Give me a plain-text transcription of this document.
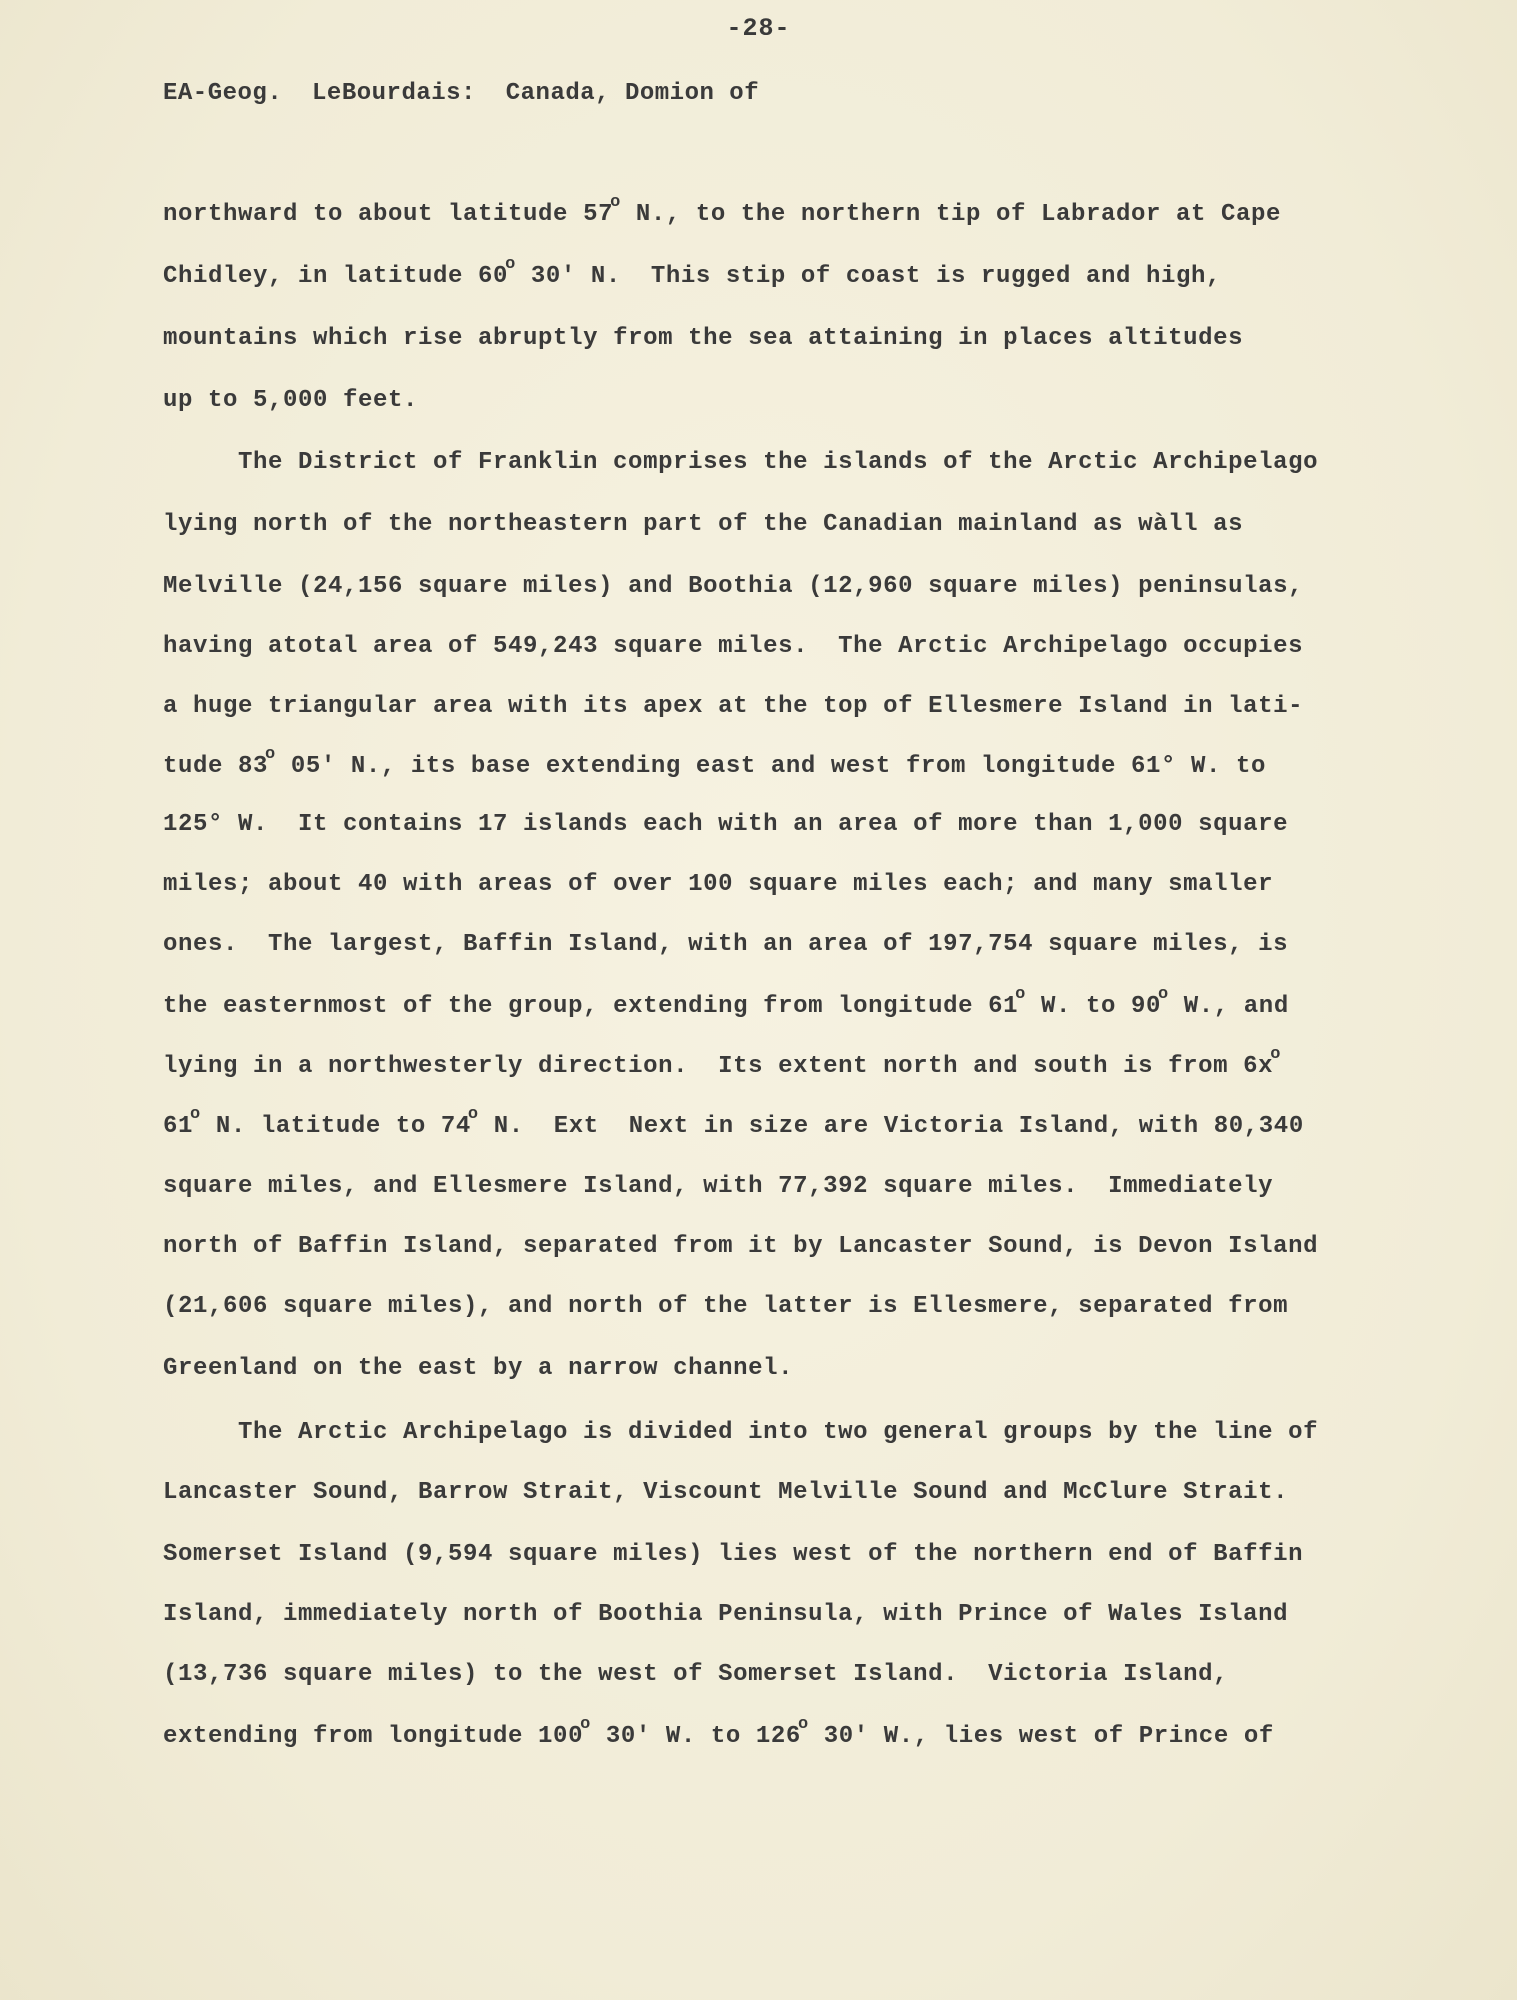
-28-
EA-Geog.  LeBourdais:  Canada, Domion of
northward to about latitude 57$^o$ N., to the northern tip of Labrador at Cape
Chidley, in latitude 60$^o$ 30' N.  This stip of coast is rugged and high,
mountains which rise abruptly from the sea attaining in places altitudes
up to 5,000 feet.
The District of Franklin comprises the islands of the Arctic Archipelago
lying north of the northeastern part of the Canadian mainland as wàll as
Melville (24,156 square miles) and Boothia (12,960 square miles) peninsulas,
having atotal area of 549,243 square miles.  The Arctic Archipelago occupies
a huge triangular area with its apex at the top of Ellesmere Island in lati-
tude 83$^o$ 05' N., its base extending east and west from longitude 61° W. to
125° W.  It contains 17 islands each with an area of more than 1,000 square
miles; about 40 with areas of over 100 square miles each; and many smaller
ones.  The largest, Baffin Island, with an area of 197,754 square miles, is
the easternmost of the group, extending from longitude 61$^o$ W. to 90$^o$ W., and
lying in a northwesterly direction.  Its extent north and south is from $6x^o$
61$^o$ N. latitude to 74$^o$ N.  Ext  Next in size are Victoria Island, with 80,340
square miles, and Ellesmere Island, with 77,392 square miles.  Immediately
north of Baffin Island, separated from it by Lancaster Sound, is Devon Island
(21,606 square miles), and north of the latter is Ellesmere, separated from
Greenland on the east by a narrow channel.
The Arctic Archipelago is divided into two general groups by the line of
Lancaster Sound, Barrow Strait, Viscount Melville Sound and McClure Strait.
Somerset Island (9,594 square miles) lies west of the northern end of Baffin
Island, immediately north of Boothia Peninsula, with Prince of Wales Island
(13,736 square miles) to the west of Somerset Island.  Victoria Island,
extending from longitude 100$^o$ 30' W. to 126$^o$ 30' W., lies west of Prince of
